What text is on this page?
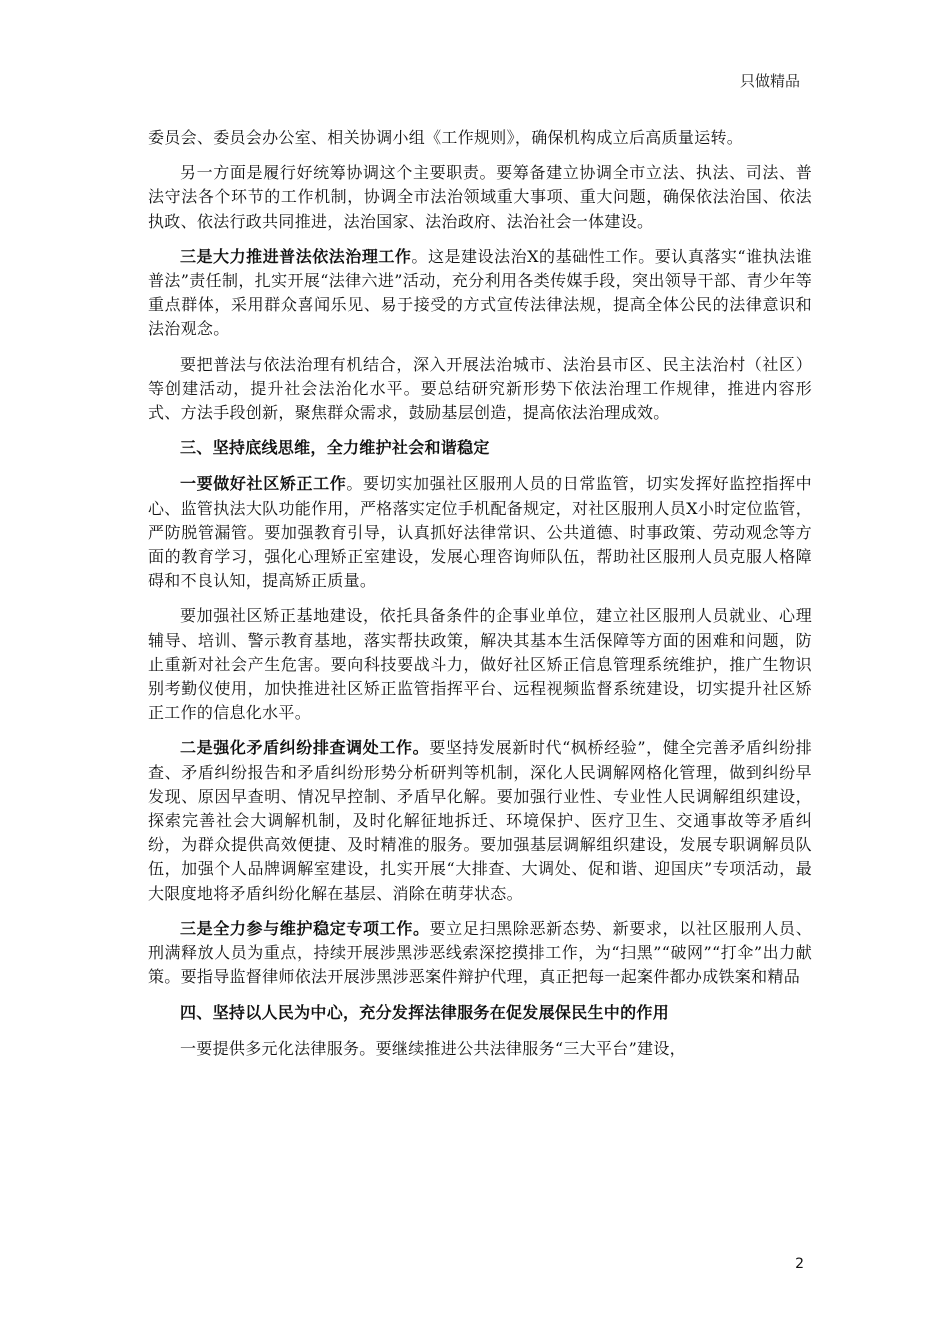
只做精品

委员会、委员会办公室、相关协调小组《工作规则》，确保机构成立后高质量运转。

另一方面是履行好统筹协调这个主要职责。要筹备建立协调全市立法、执法、司法、普法守法各个环节的工作机制，协调全市法治领域重大事项、重大问题，确保依法治国、依法执政、依法行政共同推进，法治国家、法治政府、法治社会一体建设。

三是大力推进普法依法治理工作。这是建设法治X的基础性工作。要认真落实“谁执法谁普法”责任制，扎实开展“法律六进”活动，充分利用各类传媒手段，突出领导干部、青少年等重点群体，采用群众喜闻乐见、易于接受的方式宣传法律法规，提高全体公民的法律意识和法治观念。

要把普法与依法治理有机结合，深入开展法治城市、法治县市区、民主法治村（社区）等创建活动，提升社会法治化水平。要总结研究新形势下依法治理工作规律，推进内容形式、方法手段创新，聚焦群众需求，鼓励基层创造，提高依法治理成效。

三、坚持底线思维，全力维护社会和谐稳定

一要做好社区矫正工作。要切实加强社区服刑人员的日常监管，切实发挥好监控指挥中心、监管执法大队功能作用，严格落实定位手机配备规定，对社区服刑人员X小时定位监管，严防脱管漏管。要加强教育引导，认真抓好法律常识、公共道德、时事政策、劳动观念等方面的教育学习，强化心理矫正室建设，发展心理咨询师队伍，帮助社区服刑人员克服人格障碍和不良认知，提高矫正质量。

要加强社区矫正基地建设，依托具备条件的企事业单位，建立社区服刑人员就业、心理辅导、培训、警示教育基地，落实帮扶政策，解决其基本生活保障等方面的困难和问题，防止重新对社会产生危害。要向科技要战斗力，做好社区矫正信息管理系统维护，推广生物识别考勤仪使用，加快推进社区矫正监管指挥平台、远程视频监督系统建设，切实提升社区矫正工作的信息化水平。

二是强化矛盾纠纷排查调处工作。要坚持发展新时代“枫桥经验”，健全完善矛盾纠纷排查、矛盾纠纷报告和矛盾纠纷形势分析研判等机制，深化人民调解网格化管理，做到纠纷早发现、原因早查明、情况早控制、矛盾早化解。要加强行业性、专业性人民调解组织建设，探索完善社会大调解机制，及时化解征地拆迁、环境保护、医疗卫生、交通事故等矛盾纠纷，为群众提供高效便捷、及时精准的服务。要加强基层调解组织建设，发展专职调解员队伍，加强个人品牌调解室建设，扎实开展“大排查、大调处、促和谐、迎国庆”专项活动，最大限度地将矛盾纠纷化解在基层、消除在萌芽状态。

三是全力参与维护稳定专项工作。要立足扫黑除恶新态势、新要求，以社区服刑人员、刑满释放人员为重点，持续开展涉黑涉恶线索深挖摸排工作，为“扫黑”“破网”“打伞”出力献策。要指导监督律师依法开展涉黑涉恶案件辩护代理，真正把每一起案件都办成铁案和精品

四、坚持以人民为中心，充分发挥法律服务在促发展保民生中的作用

一要提供多元化法律服务。要继续推进公共法律服务“三大平台”建设，

2
